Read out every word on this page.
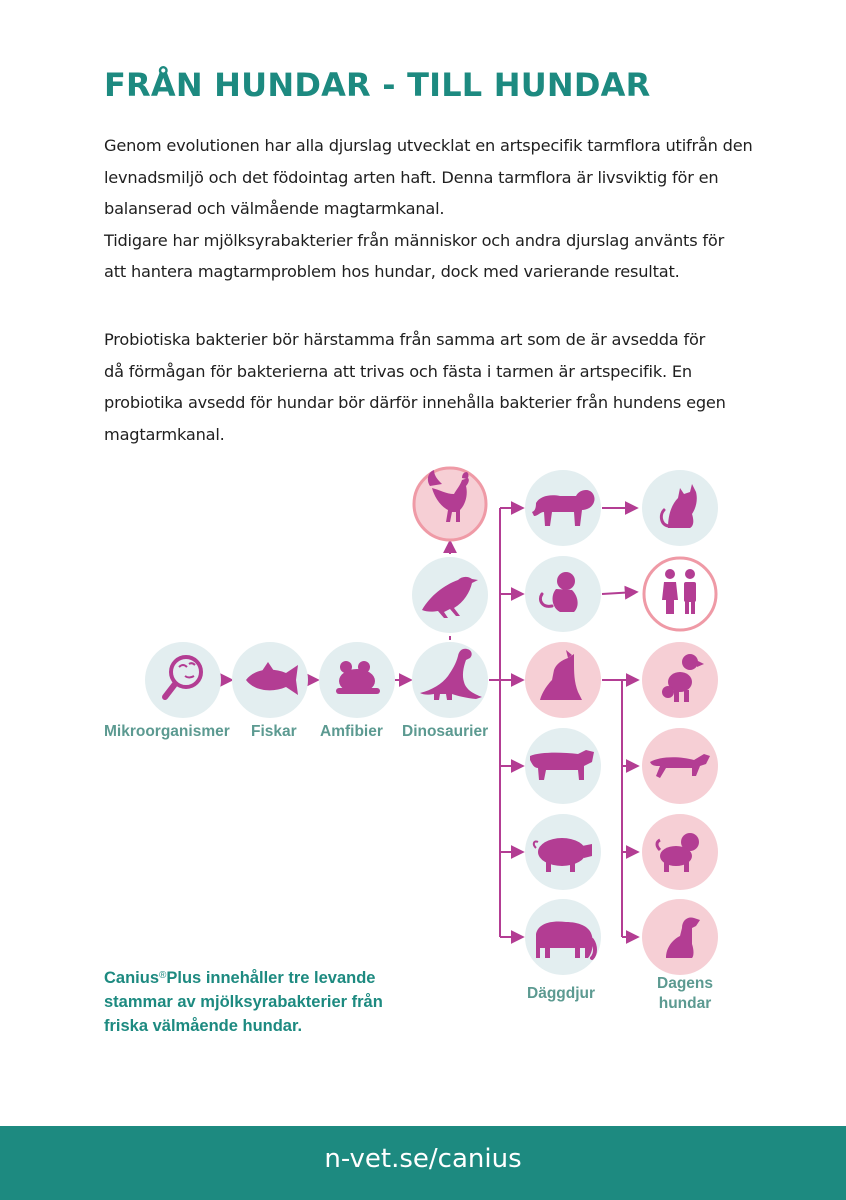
FRÅN HUNDAR - TILL HUNDAR
Genom evolutionen har alla djurslag utvecklat en artspecifik tarmflora utifrån den
levnadsmiljö och det födointag arten haft. Denna tarmflora är livsviktig för en
balanserad och välmående magtarmkanal.
Tidigare har mjölksyrabakterier från människor och andra djurslag använts för
att hantera magtarmproblem hos hundar, dock med varierande resultat.
Probiotiska bakterier bör härstamma från samma art som de är avsedda för
då förmågan för bakterierna att trivas och fästa i tarmen är artspecifik. En
probiotika avsedd för hundar bör därför innehålla bakterier från hundens egen
magtarmkanal.
Mikroorganismer Fiskar Amfibier Dinosaurier
Däggdjur
Dagens
hundar
Canius®Plus innehåller tre levande
stammar av mjölksyrabakterier från
friska välmående hundar.
n-vet.se/canius
